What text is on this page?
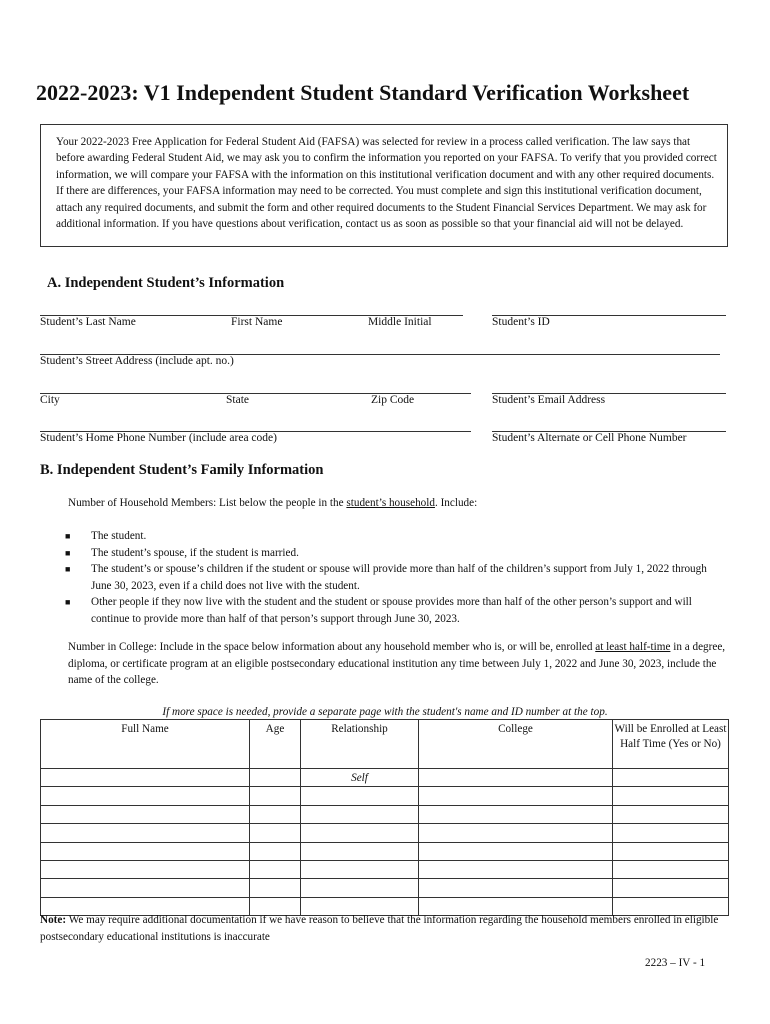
2022-2023: V1 Independent Student Standard Verification Worksheet
Your 2022-2023 Free Application for Federal Student Aid (FAFSA) was selected for review in a process called verification. The law says that before awarding Federal Student Aid, we may ask you to confirm the information you reported on your FAFSA. To verify that you provided correct information, we will compare your FAFSA with the information on this institutional verification document and with any other required documents. If there are differences, your FAFSA information may need to be corrected. You must complete and sign this institutional verification document, attach any required documents, and submit the form and other required documents to the Student Financial Services Department. We may ask for additional information. If you have questions about verification, contact us as soon as possible so that your financial aid will not be delayed.
A. Independent Student’s Information
Student’s Last Name	First Name	Middle Initial	Student’s ID
Student’s Street Address (include apt. no.)
City	State	Zip Code	Student’s Email Address
Student’s Home Phone Number (include area code)	Student’s Alternate or Cell Phone Number
B. Independent Student’s Family Information
Number of Household Members: List below the people in the student’s household. Include:
■ The student.
■ The student’s spouse, if the student is married.
■ The student’s or spouse’s children if the student or spouse will provide more than half of the children’s support from July 1, 2022 through June 30, 2023, even if a child does not live with the student.
■ Other people if they now live with the student and the student or spouse provides more than half of the other person’s support and will continue to provide more than half of that person’s support through June 30, 2023.
Number in College: Include in the space below information about any household member who is, or will be, enrolled at least half-time in a degree, diploma, or certificate program at an eligible postsecondary educational institution any time between July 1, 2022 and June 30, 2023, include the name of the college.
If more space is needed, provide a separate page with the student's name and ID number at the top.
Full Name	Age	Relationship	College	Will be Enrolled at Least Half Time (Yes or No)
		Self		

Note: We may require additional documentation if we have reason to believe that the information regarding the household members enrolled in eligible postsecondary educational institutions is inaccurate
2223 – IV - 1
